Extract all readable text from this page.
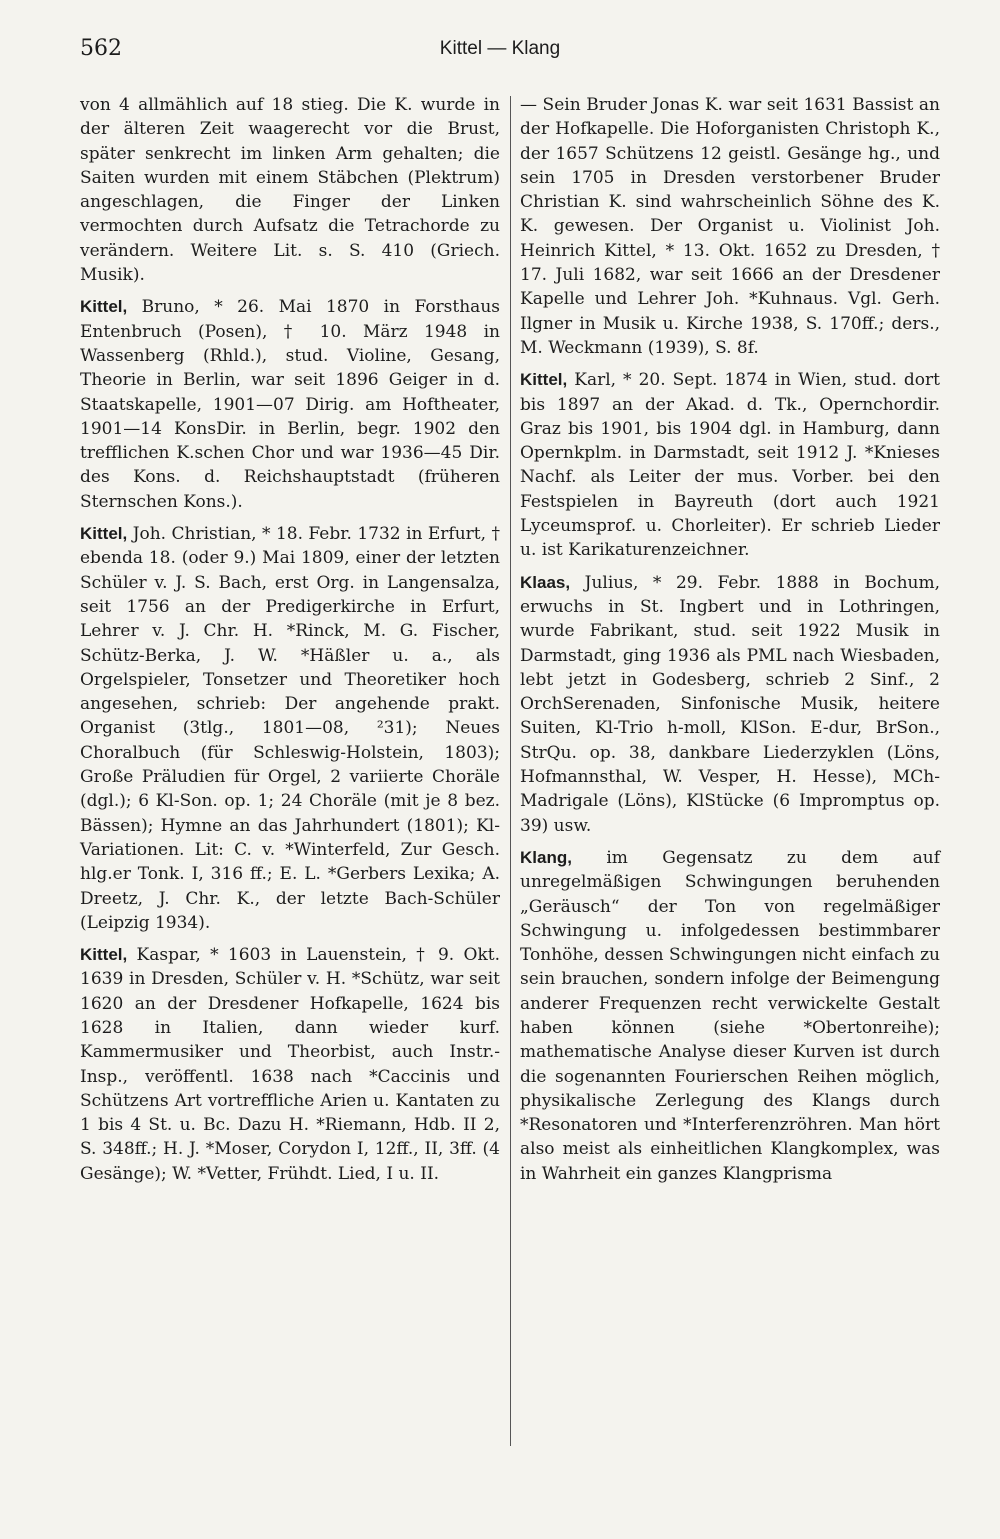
562	Kittel — Klang

von 4 allmählich auf 18 stieg. Die K. wurde in der älteren Zeit waagerecht vor die Brust, später senkrecht im linken Arm gehalten; die Saiten wurden mit einem Stäbchen (Plektrum) angeschlagen, die Finger der Linken vermochten durch Aufsatz die Tetrachorde zu verändern. Weitere Lit. s. S. 410 (Griech. Musik).

Kittel, Bruno, * 26. Mai 1870 in Forsthaus Entenbruch (Posen), † 10. März 1948 in Wassenberg (Rhld.), stud. Violine, Gesang, Theorie in Berlin, war seit 1896 Geiger in d. Staatskapelle, 1901—07 Dirig. am Hoftheater, 1901—14 KonsDir. in Berlin, begr. 1902 den trefflichen K.schen Chor und war 1936—45 Dir. des Kons. d. Reichshauptstadt (früheren Sternschen Kons.).

Kittel, Joh. Christian, * 18. Febr. 1732 in Erfurt, † ebenda 18. (oder 9.) Mai 1809, einer der letzten Schüler v. J. S. Bach, erst Org. in Langensalza, seit 1756 an der Predigerkirche in Erfurt, Lehrer v. J. Chr. H. *Rinck, M. G. Fischer, Schütz-Berka, J. W. *Häßler u. a., als Orgelspieler, Tonsetzer und Theoretiker hoch angesehen, schrieb: Der angehende prakt. Organist (3tlg., 1801—08, ²31); Neues Choralbuch (für Schleswig-Holstein, 1803); Große Präludien für Orgel, 2 variierte Choräle (dgl.); 6 Kl-Son. op. 1; 24 Choräle (mit je 8 bez. Bässen); Hymne an das Jahrhundert (1801); Kl-Variationen. Lit: C. v. *Winterfeld, Zur Gesch. hlg.er Tonk. I, 316 ff.; E. L. *Gerbers Lexika; A. Dreetz, J. Chr. K., der letzte Bach-Schüler (Leipzig 1934).

Kittel, Kaspar, * 1603 in Lauenstein, † 9. Okt. 1639 in Dresden, Schüler v. H. *Schütz, war seit 1620 an der Dresdener Hofkapelle, 1624 bis 1628 in Italien, dann wieder kurf. Kammermusiker und Theorbist, auch Instr.-Insp., veröffentl. 1638 nach *Caccinis und Schützens Art vortreffliche Arien u. Kantaten zu 1 bis 4 St. u. Bc. Dazu H. *Riemann, Hdb. II 2, S. 348ff.; H. J. *Moser, Corydon I, 12ff., II, 3ff. (4 Gesänge); W. *Vetter, Frühdt. Lied, I u. II.

— Sein Bruder Jonas K. war seit 1631 Bassist an der Hofkapelle. Die Hoforganisten Christoph K., der 1657 Schützens 12 geistl. Gesänge hg., und sein 1705 in Dresden verstorbener Bruder Christian K. sind wahrscheinlich Söhne des K. K. gewesen. Der Organist u. Violinist Joh. Heinrich Kittel, * 13. Okt. 1652 zu Dresden, † 17. Juli 1682, war seit 1666 an der Dresdener Kapelle und Lehrer Joh. *Kuhnaus. Vgl. Gerh. Ilgner in Musik u. Kirche 1938, S. 170ff.; ders., M. Weckmann (1939), S. 8f.

Kittel, Karl, * 20. Sept. 1874 in Wien, stud. dort bis 1897 an der Akad. d. Tk., Opernchordir. Graz bis 1901, bis 1904 dgl. in Hamburg, dann Opernkplm. in Darmstadt, seit 1912 J. *Knieses Nachf. als Leiter der mus. Vorber. bei den Festspielen in Bayreuth (dort auch 1921 Lyceumsprof. u. Chorleiter). Er schrieb Lieder u. ist Karikaturenzeichner.

Klaas, Julius, * 29. Febr. 1888 in Bochum, erwuchs in St. Ingbert und in Lothringen, wurde Fabrikant, stud. seit 1922 Musik in Darmstadt, ging 1936 als PML nach Wiesbaden, lebt jetzt in Godesberg, schrieb 2 Sinf., 2 OrchSerenaden, Sinfonische Musik, heitere Suiten, Kl-Trio h-moll, KlSon. E-dur, BrSon., StrQu. op. 38, dankbare Liederzyklen (Löns, Hofmannsthal, W. Vesper, H. Hesse), MCh-Madrigale (Löns), KlStücke (6 Impromptus op. 39) usw.

Klang, im Gegensatz zu dem auf unregelmäßigen Schwingungen beruhenden „Geräusch“ der Ton von regelmäßiger Schwingung u. infolgedessen bestimmbarer Tonhöhe, dessen Schwingungen nicht einfach zu sein brauchen, sondern infolge der Beimengung anderer Frequenzen recht verwickelte Gestalt haben können (siehe *Obertonreihe); mathematische Analyse dieser Kurven ist durch die sogenannten Fourierschen Reihen möglich, physikalische Zerlegung des Klangs durch *Resonatoren und *Interferenzröhren. Man hört also meist als einheitlichen Klangkomplex, was in Wahrheit ein ganzes Klangprisma
